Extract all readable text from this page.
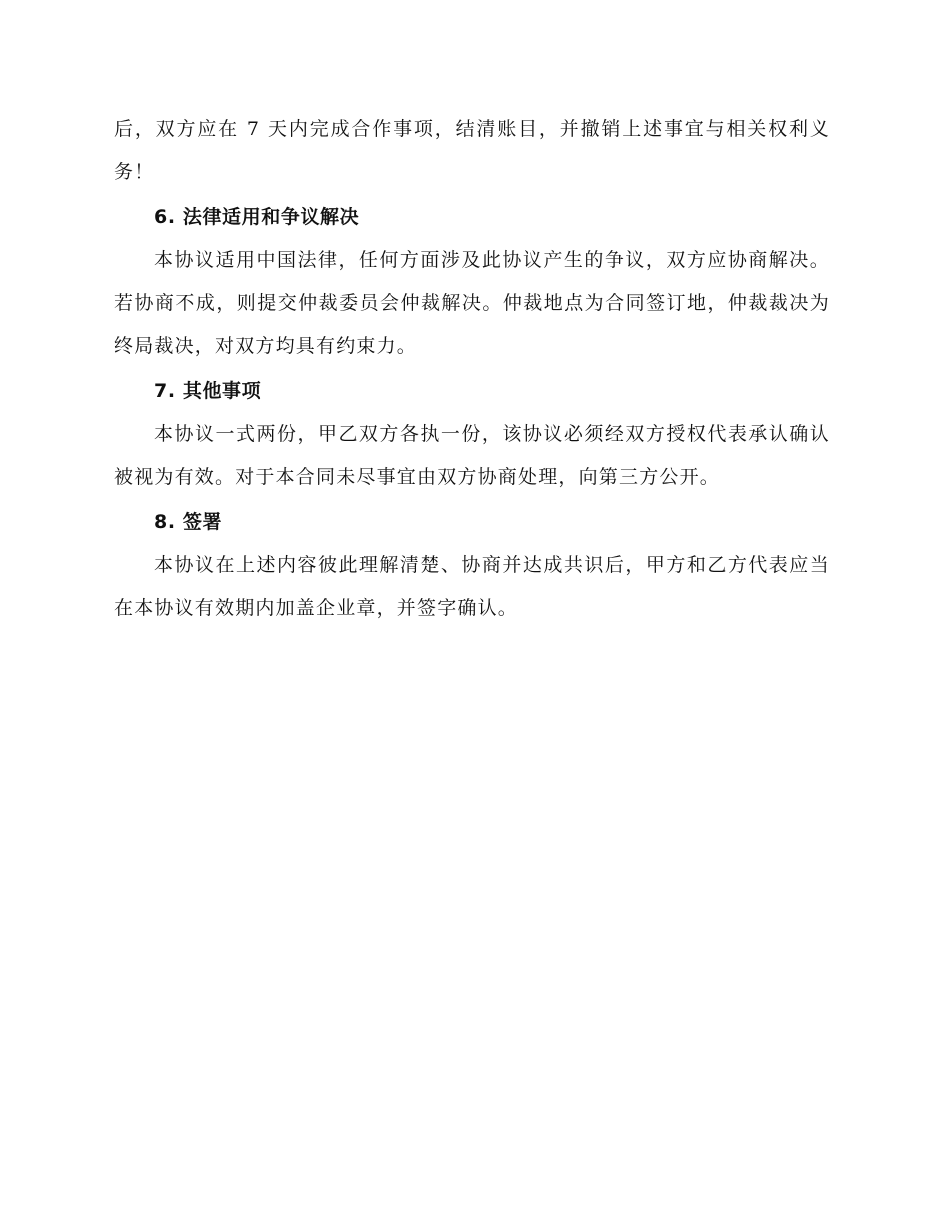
后，双方应在 7 天内完成合作事项，结清账目，并撤销上述事宜与相关权利义务！

6. 法律适用和争议解决

本协议适用中国法律，任何方面涉及此协议产生的争议，双方应协商解决。若协商不成，则提交仲裁委员会仲裁解决。仲裁地点为合同签订地，仲裁裁决为终局裁决，对双方均具有约束力。

7. 其他事项

本协议一式两份，甲乙双方各执一份，该协议必须经双方授权代表承认确认被视为有效。对于本合同未尽事宜由双方协商处理，向第三方公开。

8. 签署

本协议在上述内容彼此理解清楚、协商并达成共识后，甲方和乙方代表应当在本协议有效期内加盖企业章，并签字确认。
